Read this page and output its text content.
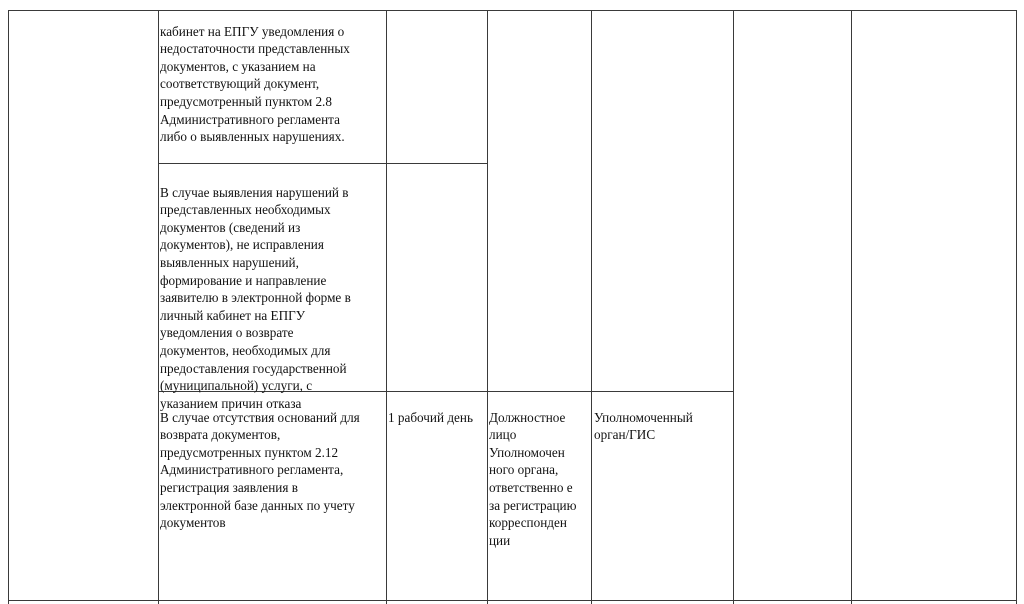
кабинет на ЕПГУ уведомления о
недостаточности представленных
документов, с указанием на
соответствующий документ,
предусмотренный пунктом 2.8
Административного регламента
либо о выявленных нарушениях.

В случае выявления нарушений в
представленных необходимых
документов (сведений из
документов), не исправления
выявленных нарушений,
формирование и направление
заявителю в электронной форме в
личный кабинет на ЕПГУ
уведомления о возврате
документов, необходимых для
предоставления государственной
(муниципальной) услуги, с
указанием причин отказа

В случае отсутствия оснований для
возврата документов,
предусмотренных пунктом 2.12
Административного регламента,
регистрация заявления в
электронной базе данных по учету
документов

1 рабочий день	Должностное
лицо
Уполномочен
ного органа,
ответственно е
за регистрацию
корреспонден
ции

Уполномоченный
орган/ГИС
